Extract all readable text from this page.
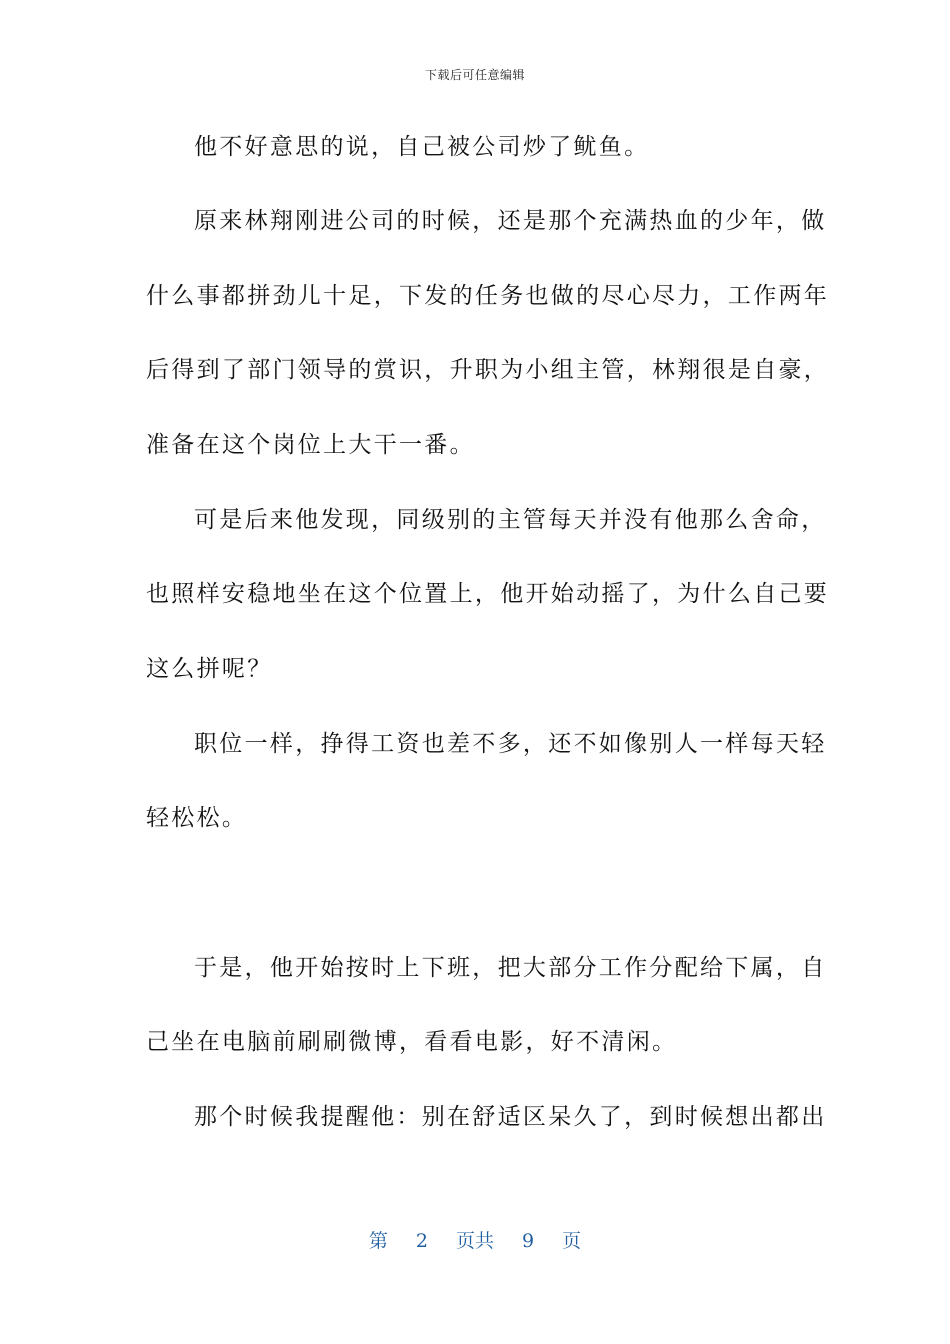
下载后可任意编辑
他不好意思的说，自己被公司炒了鱿鱼。
原来林翔刚进公司的时候，还是那个充满热血的少年，做
什么事都拼劲儿十足，下发的任务也做的尽心尽力，工作两年
后得到了部门领导的赏识，升职为小组主管，林翔很是自豪，
准备在这个岗位上大干一番。
可是后来他发现，同级别的主管每天并没有他那么舍命，
也照样安稳地坐在这个位置上，他开始动摇了，为什么自己要
这么拼呢？
职位一样，挣得工资也差不多，还不如像别人一样每天轻
轻松松。
于是，他开始按时上下班，把大部分工作分配给下属，自
己坐在电脑前刷刷微博，看看电影，好不清闲。
那个时候我提醒他：别在舒适区呆久了，到时候想出都出
第 2 页共 9 页
